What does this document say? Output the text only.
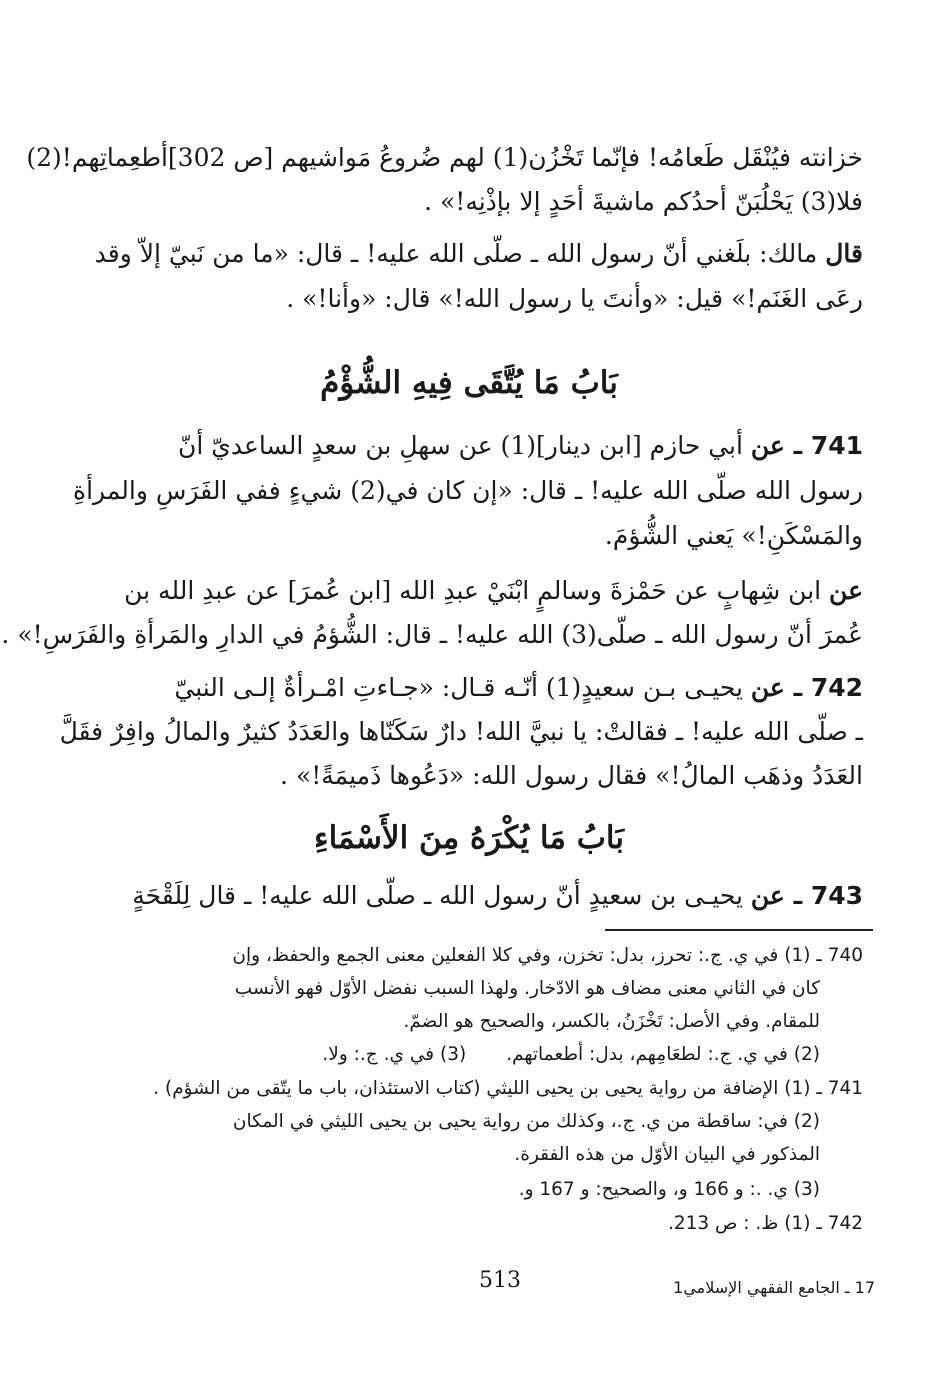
خزانته فيُنْقَل طَعامُه! فإنّما تَخْزُن(1) لهم ضُروعُ مَواشيهم [ص 302]أطعِماتِهم!(2)
فلا(3) يَحْلُبَنّ أحدُكم ماشيةَ أحَدٍ إلا بإذْنِه!» .
قال مالك: بلَغني أنّ رسول الله ـ صلّى الله عليه! ـ قال: «ما من نَبيّ إلاّ وقد
رعَى الغَنَم!» قيل: «وأنتَ يا رسول الله!» قال: «وأنا!» .
بَابُ مَا يُتَّقَى فِيهِ الشُّؤْمُ
741 ـ عن أبي حازم [ابن دينار](1) عن سهلِ بن سعدٍ الساعديّ أنّ
رسول الله صلّى الله عليه! ـ قال: «إن كان في(2) شيءٍ ففي الفَرَسِ والمرأةِ
والمَسْكَنِ!» يَعني الشُّؤمَ.
عن ابن شِهابٍ عن حَمْزةَ وسالمٍ ابْنَيْ عبدِ الله [ابن عُمرَ] عن عبدِ الله بن
عُمرَ أنّ رسول الله ـ صلّى(3) الله عليه! ـ قال: الشُّؤمُ في الدارِ والمَرأةِ والفَرَسِ!» .
742 ـ عن يحيـى بـن سعيدٍ(1) أنّـه قـال: «جـاءتِ امْـرأةٌ إلـى النبيّ
ـ صلّى الله عليه! ـ فقالتْ: يا نبيَّ الله! دارٌ سَكَنّاها والعَدَدُ كثيرٌ والمالُ وافِرٌ فقَلَّ
العَدَدُ وذهَب المالُ!» فقال رسول الله: «دَعُوها ذَميمَةً!» .
بَابُ مَا يُكْرَهُ مِنَ الأَسْمَاءِ
743 ـ عن يحيـى بن سعيدٍ أنّ رسول الله ـ صلّى الله عليه! ـ قال لِلَقْحَةٍ
740 ـ (1) في ي. ج.: تحرز، بدل: تخزن، وفي كلا الفعلين معنى الجمع والحفظ، وإن
كان في الثاني معنى مضاف هو الادّخار. ولهذا السبب نفضل الأوّل فهو الأنسب
للمقام. وفي الأصل: تَخْزَنُ، بالكسر، والصحيح هو الضمّ.
(2) في ي. ج.: لطعَامِهم، بدل: أطعماتهم.(3) في ي. ج.: ولا.
741 ـ (1) الإضافة من رواية يحيى بن يحيى الليثي (كتاب الاستئذان، باب ما يتّقى من الشؤم) .
(2) في: ساقطة من ي. ج.، وكذلك من رواية يحيى بن يحيى الليثي في المكان
المذكور في البيان الأوّل من هذه الفقرة.
(3) ي. .: و 166 و، والصحيح: و 167 و.
742 ـ (1) ظ. : ص 213.
513	17 ـ الجامع الفقهي الإسلامي1
